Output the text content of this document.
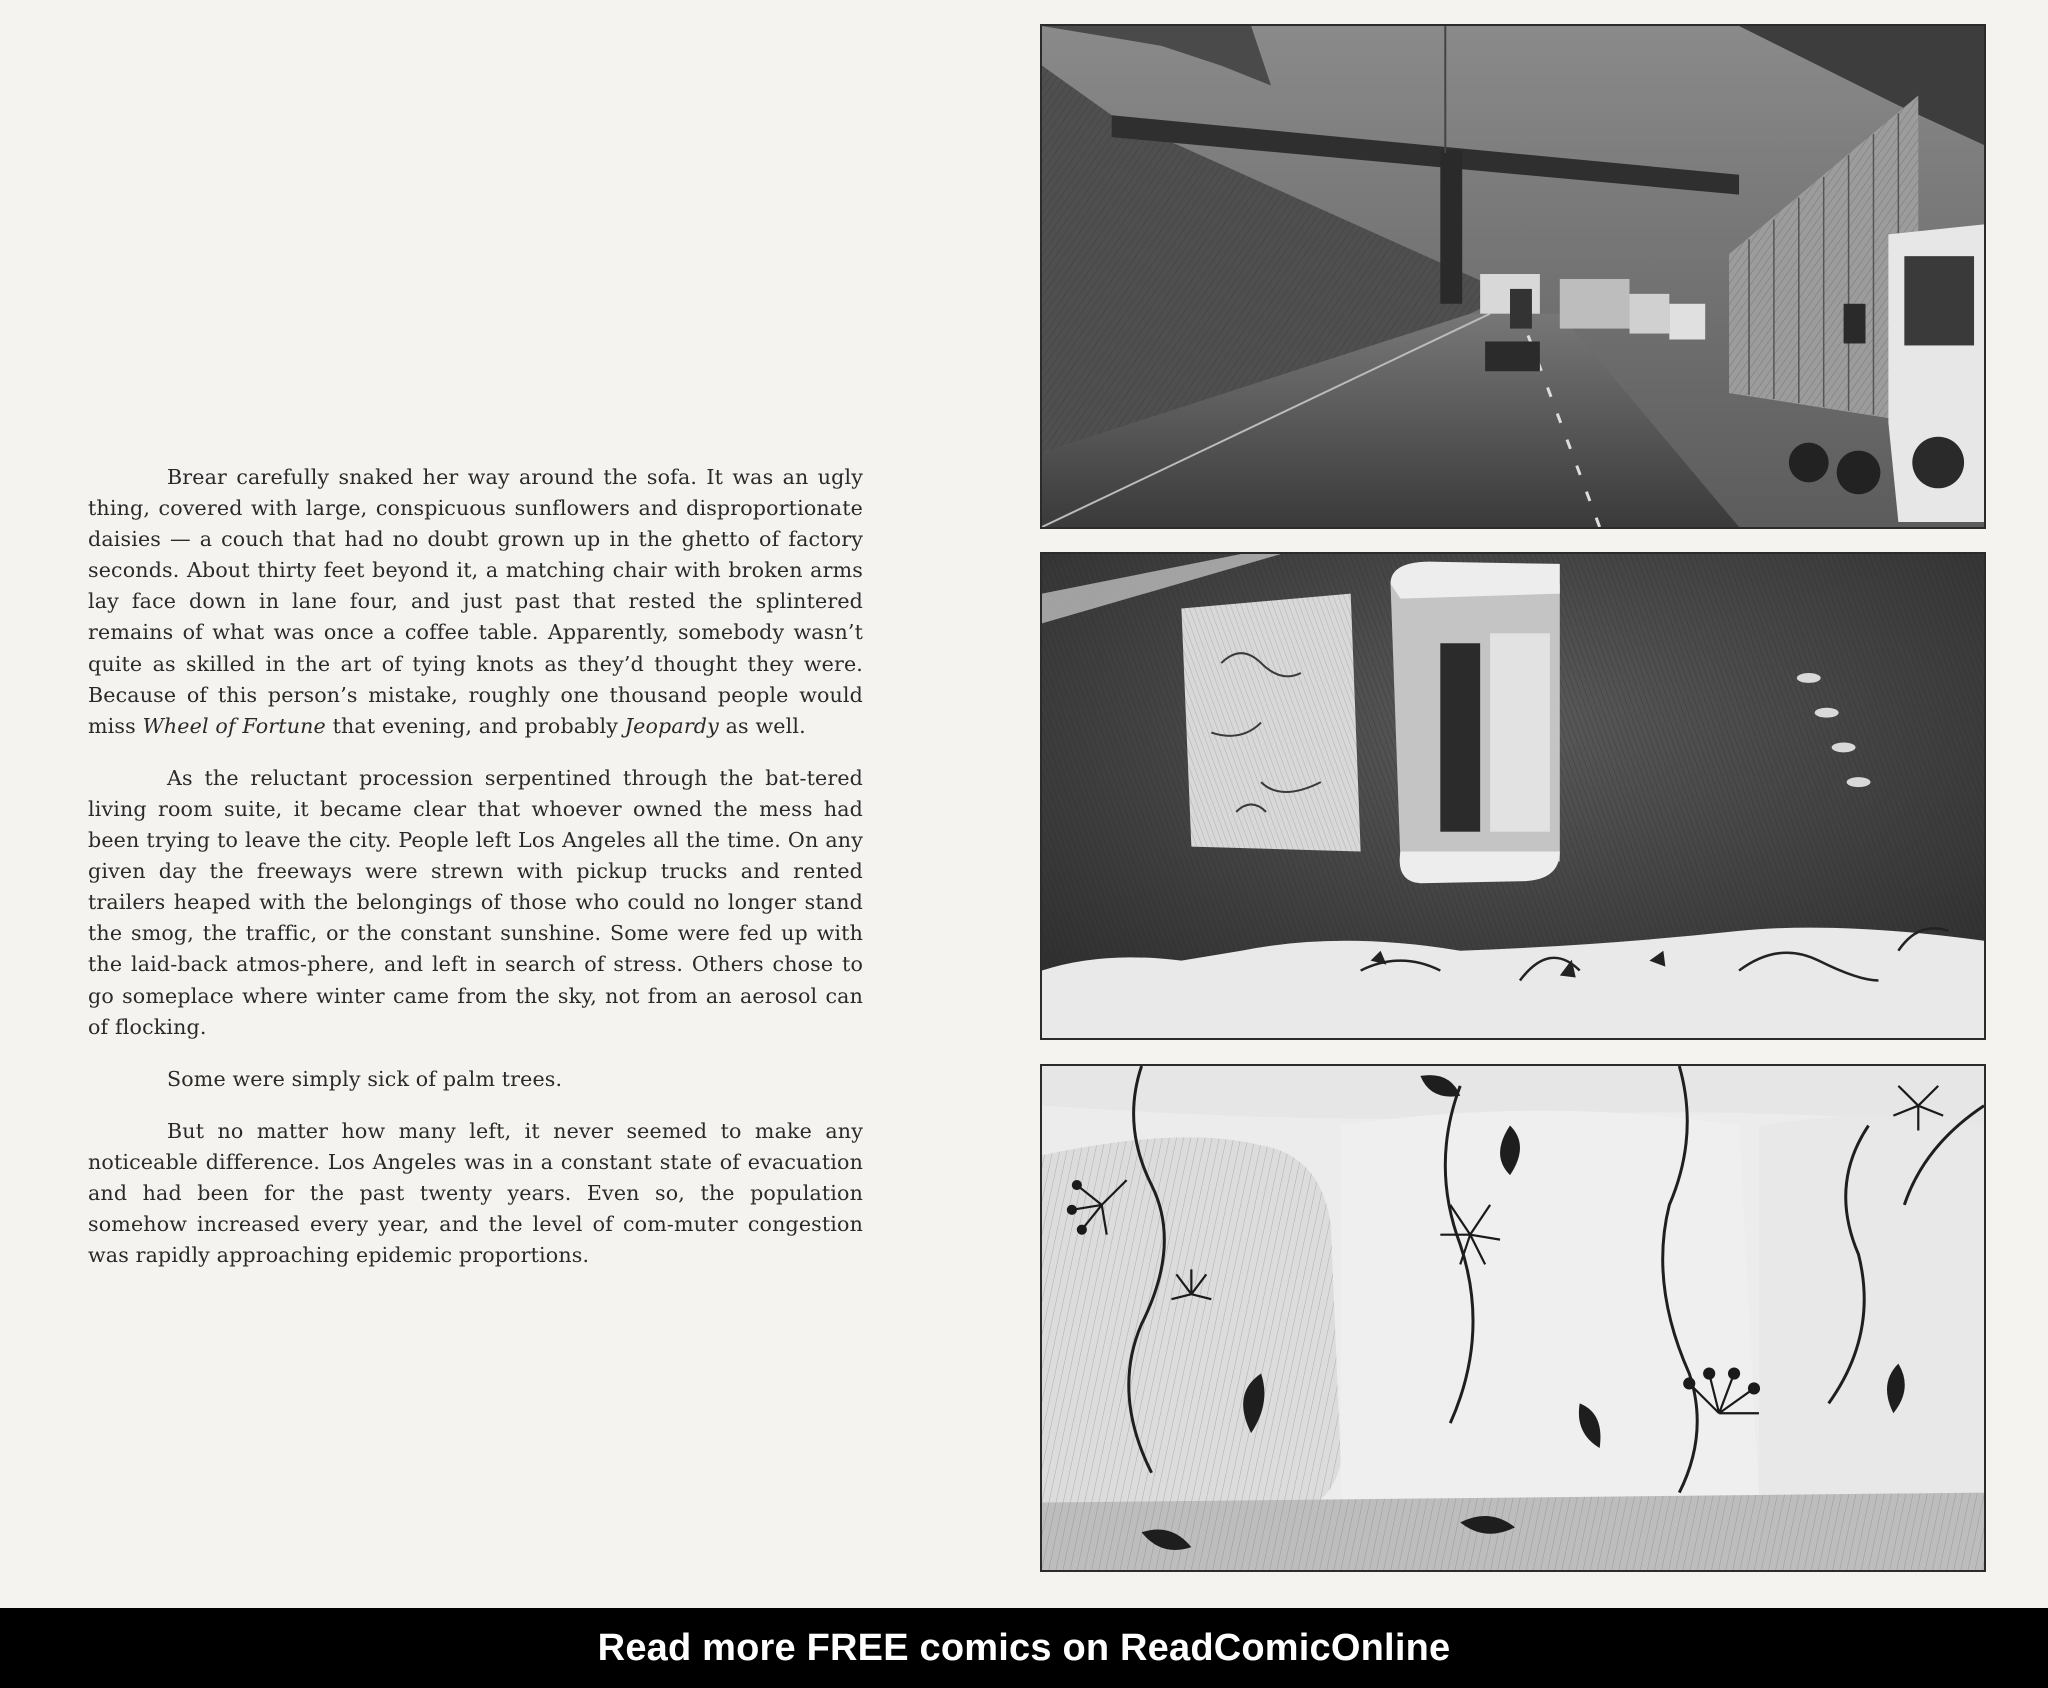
Brear carefully snaked her way around the sofa. It was an ugly thing, covered with large, conspicuous sunflowers and disproportionate daisies — a couch that had no doubt grown up in the ghetto of factory seconds. About thirty feet beyond it, a matching chair with broken arms lay face down in lane four, and just past that rested the splintered remains of what was once a coffee table. Apparently, somebody wasn’t quite as skilled in the art of tying knots as they’d thought they were. Because of this person’s mistake, roughly one thousand people would miss Wheel of Fortune that evening, and probably Jeopardy as well.

As the reluctant procession serpentined through the bat-tered living room suite, it became clear that whoever owned the mess had been trying to leave the city. People left Los Angeles all the time. On any given day the freeways were strewn with pickup trucks and rented trailers heaped with the belongings of those who could no longer stand the smog, the traffic, or the constant sunshine. Some were fed up with the laid-back atmos-phere, and left in search of stress. Others chose to go someplace where winter came from the sky, not from an aerosol can of flocking.

Some were simply sick of palm trees.

But no matter how many left, it never seemed to make any noticeable difference. Los Angeles was in a constant state of evacuation and had been for the past twenty years. Even so, the population somehow increased every year, and the level of com-muter congestion was rapidly approaching epidemic proportions.

Read more FREE comics on ReadComicOnline
